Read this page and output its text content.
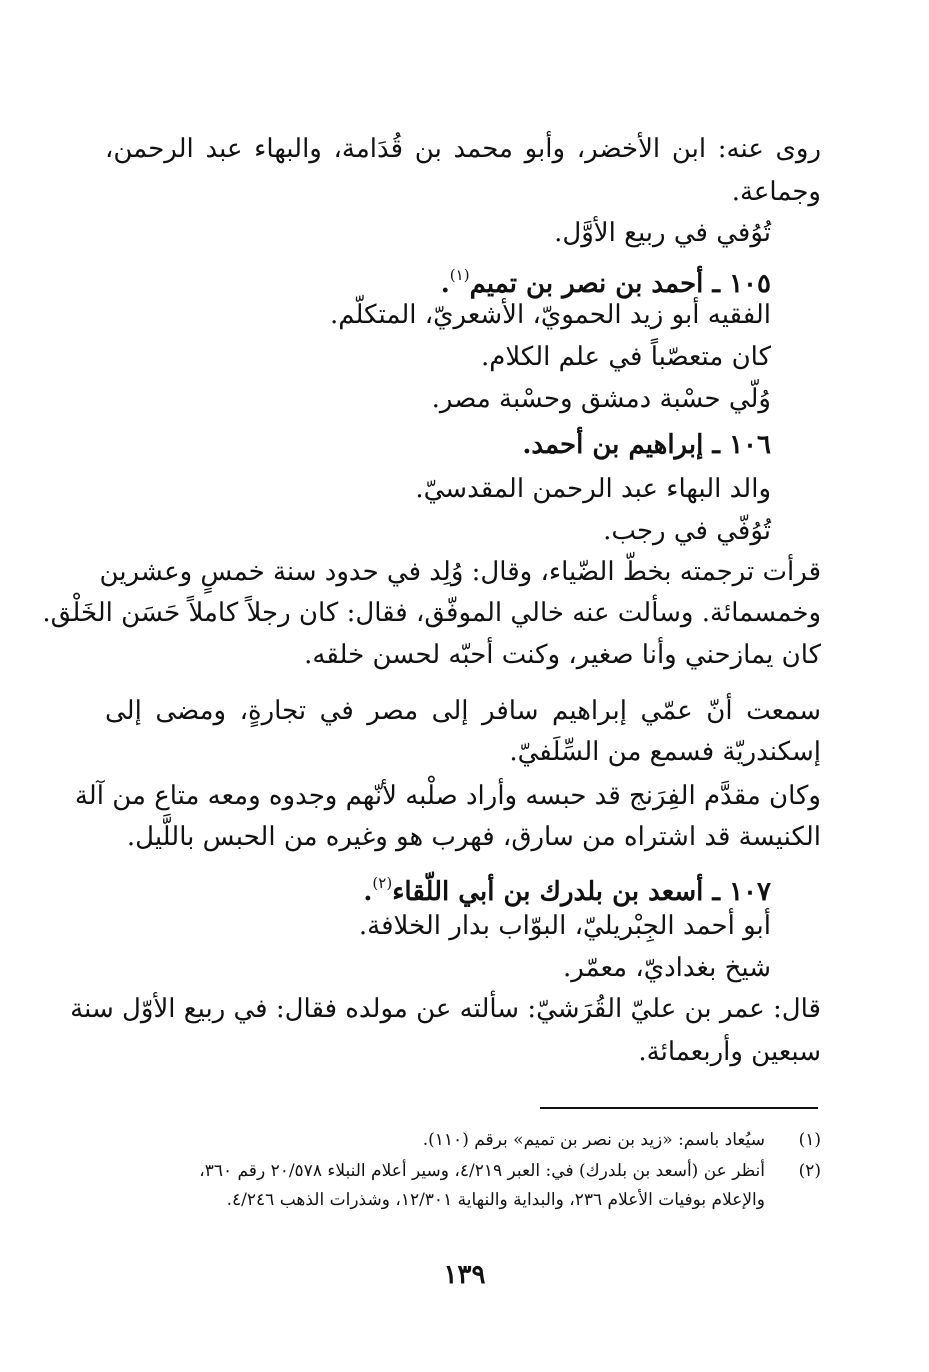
روى عنه: ابن الأخضر، وأبو محمد بن قُدَامة، والبهاء عبد الرحمن،
وجماعة.
تُوُفي في ربيع الأوَّل.
١٠٥ ـ أحمد بن نصر بن تميم$^{(١)}$.
الفقيه أبو زيد الحمويّ، الأشعريّ، المتكلّم.
كان متعصّباً في علم الكلام.
وُلّي حسْبة دمشق وحسْبة مصر.
١٠٦ ـ إبراهيم بن أحمد.
والد البهاء عبد الرحمن المقدسيّ.
تُوُفّي في رجب.
قرأت ترجمته بخطّ الضّياء، وقال: وُلِد في حدود سنة خمسٍ وعشرين
وخمسمائة. وسألت عنه خالي الموفّق، فقال: كان رجلاً كاملاً حَسَن الخَلْق.
كان يمازحني وأنا صغير، وكنت أحبّه لحسن خلقه.
سمعت أنّ عمّي إبراهيم سافر إلى مصر في تجارةٍ، ومضى إلى
إسكندريّة فسمع من السِّلَفيّ.
وكان مقدَّم الفِرَنج قد حبسه وأراد صلْبه لأنّهم وجدوه ومعه متاع من آلة
الكنيسة قد اشتراه من سارق، فهرب هو وغيره من الحبس باللَّيل.
١٠٧ ـ أسعد بن بلدرك بن أبي اللّقاء$^{(٢)}$.
أبو أحمد الجِبْريليّ، البوّاب بدار الخلافة.
شيخ بغداديّ، معمّر.
قال: عمر بن عليّ القُرَشيّ: سألته عن مولده فقال: في ربيع الأوّل سنة
سبعين وأربعمائة.
(١)سيُعاد باسم: «زيد بن نصر بن تميم» برقم (١١٠).
(٢)أنظر عن (أسعد بن بلدرك) في: العبر ٤/٢١٩، وسير أعلام النبلاء ٢٠/٥٧٨ رقم ٣٦٠،
والإعلام بوفيات الأعلام ٢٣٦، والبداية والنهاية ١٢/٣٠١، وشذرات الذهب ٤/٢٤٦.
١٣٩
